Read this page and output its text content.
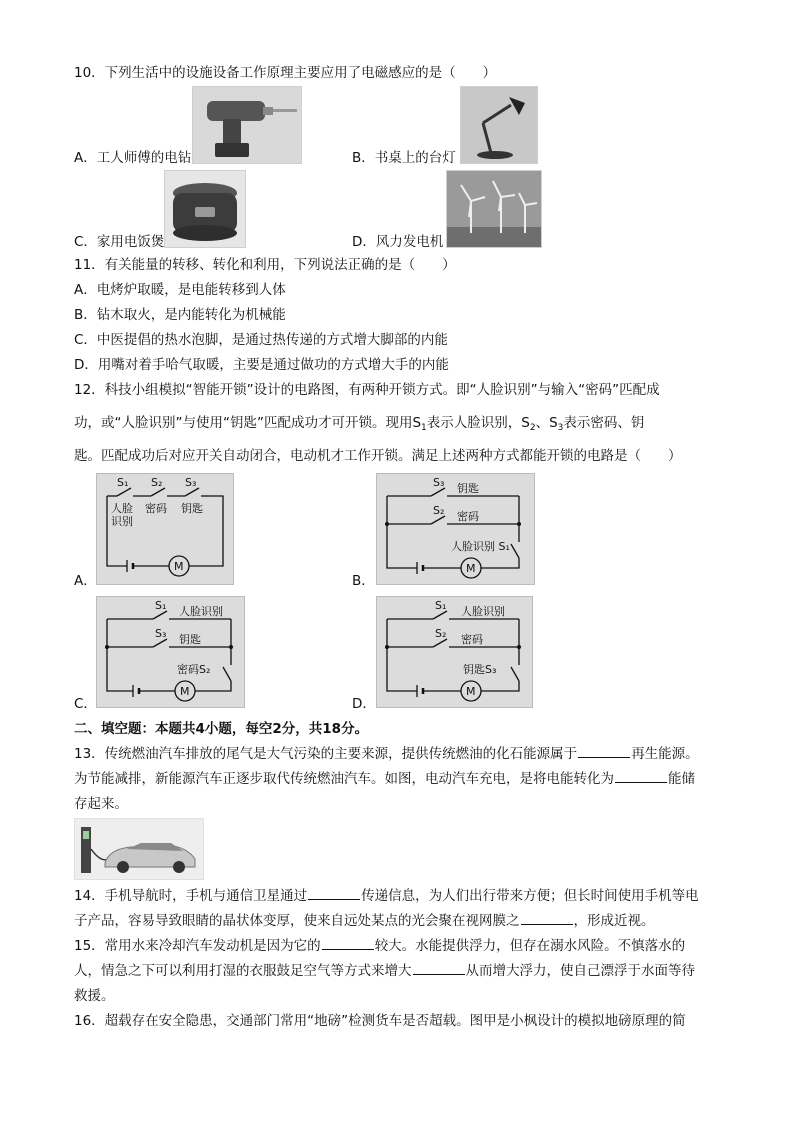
10．下列生活中的设施设备工作原理主要应用了电磁感应的是（　　）
A．工人师傅的电钻	B．书桌上的台灯
C．家用电饭煲	D．风力发电机
11．有关能量的转移、转化和利用，下列说法正确的是（　　）
A．电烤炉取暖，是电能转移到人体
B．钻木取火，是内能转化为机械能
C．中医提倡的热水泡脚，是通过热传递的方式增大脚部的内能
D．用嘴对着手哈气取暖，主要是通过做功的方式增大手的内能
12．科技小组模拟“智能开锁”设计的电路图，有两种开锁方式。即“人脸识别”与输入“密码”匹配成
功，或“人脸识别”与使用“钥匙”匹配成功才可开锁。现用$S_1$表示人脸识别，$S_2$、$S_3$表示密码、钥
匙。匹配成功后对应开关自动闭合，电动机才工作开锁。满足上述两种方式都能开锁的电路是（　　）
M
S₁ S₂ S₃
人脸
识别
密码 钥匙
A．
M
S₃ 钥匙
S₂ 密码
人脸识别 S₁
B．
M
S₁ 人脸识别
S₃ 钥匙
密码S₂
C．
M
S₁ 人脸识别
S₂ 密码
钥匙S₃
D．
二、填空题：本题共4小题，每空2分，共18分。
13．传统燃油汽车排放的尾气是大气污染的主要来源，提供传统燃油的化石能源属于	再生能源。
为节能减排，新能源汽车正逐步取代传统燃油汽车。如图，电动汽车充电，是将电能转化为	能储
存起来。
14．手机导航时，手机与通信卫星通过	传递信息，为人们出行带来方便；但长时间使用手机等电
子产品，容易导致眼睛的晶状体变厚，使来自远处某点的光会聚在视网膜之	，形成近视。
15．常用水来冷却汽车发动机是因为它的	较大。水能提供浮力，但存在溺水风险。不慎落水的
人，情急之下可以利用打湿的衣服鼓足空气等方式来增大	从而增大浮力，使自己漂浮于水面等待
救援。
16．超载存在安全隐患，交通部门常用“地磅”检测货车是否超载。图甲是小枫设计的模拟地磅原理的简
